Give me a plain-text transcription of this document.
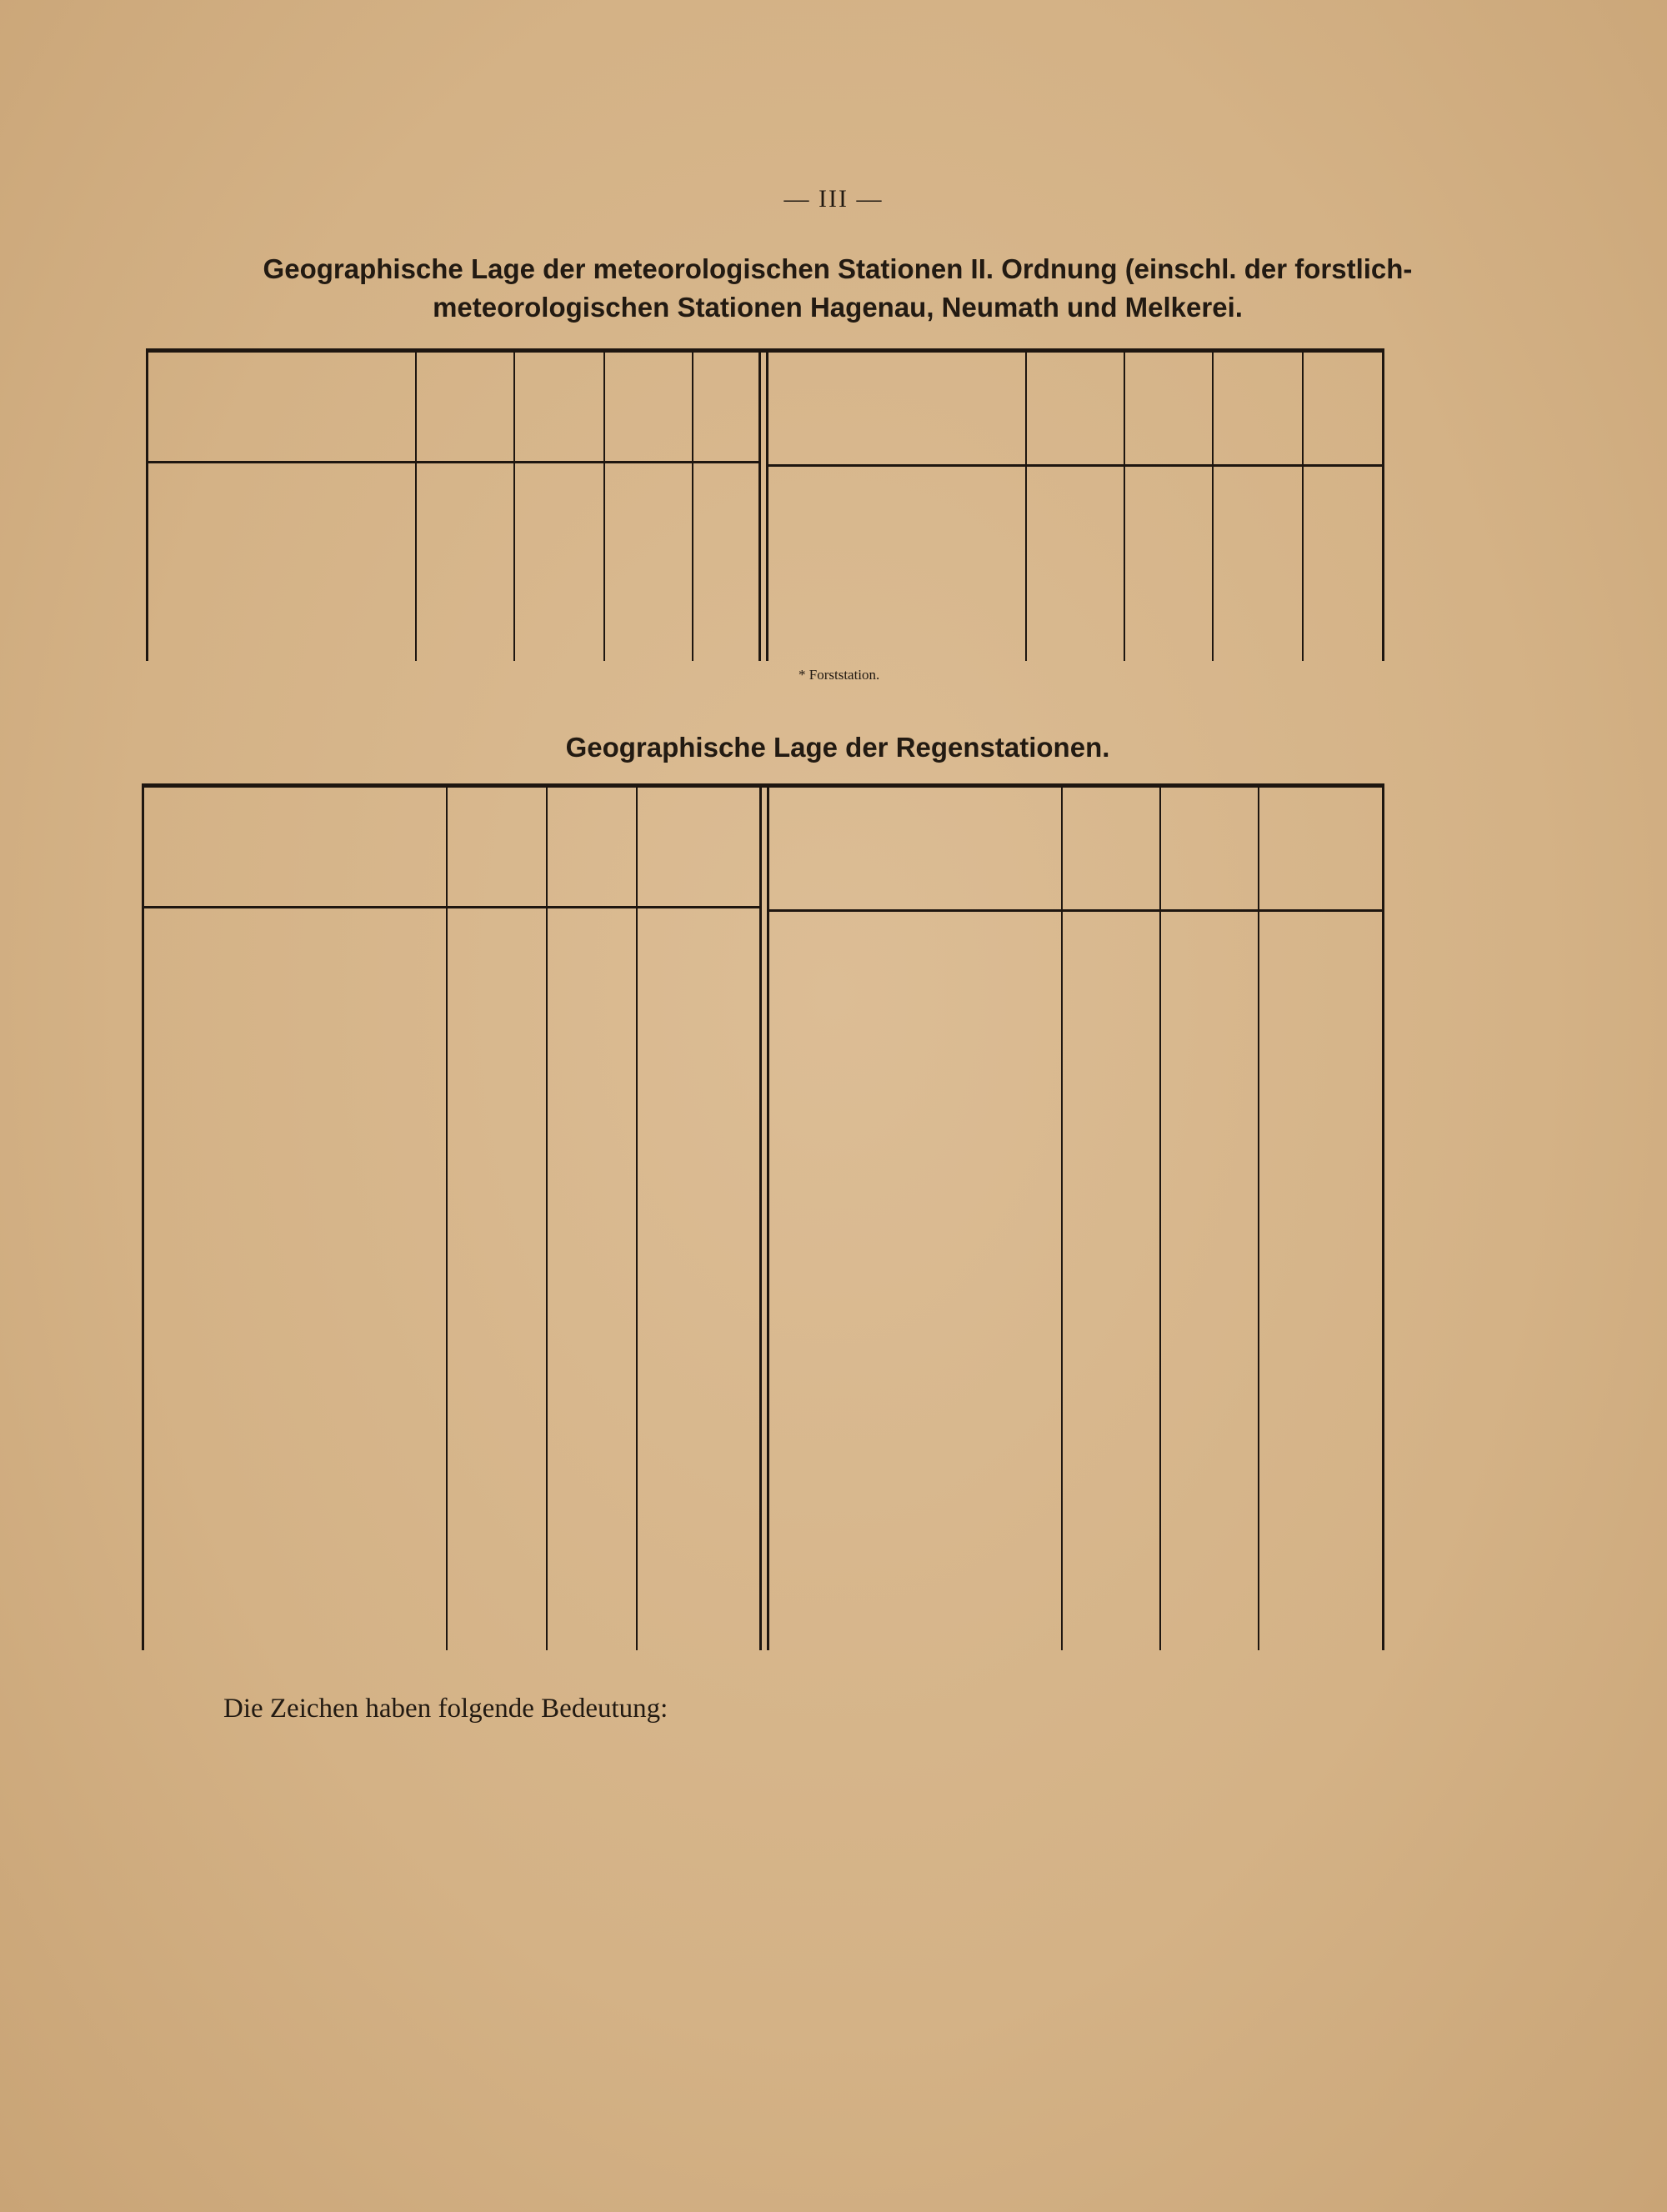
— III —
Geographische Lage der meteorologischen Stationen II. Ordnung (einschl. der forstlich-
meteorologischen Stationen Hagenau, Neumath und Melkerei.
* Forststation.
Geographische Lage der Regenstationen.
Die Zeichen haben folgende Bedeutung:
